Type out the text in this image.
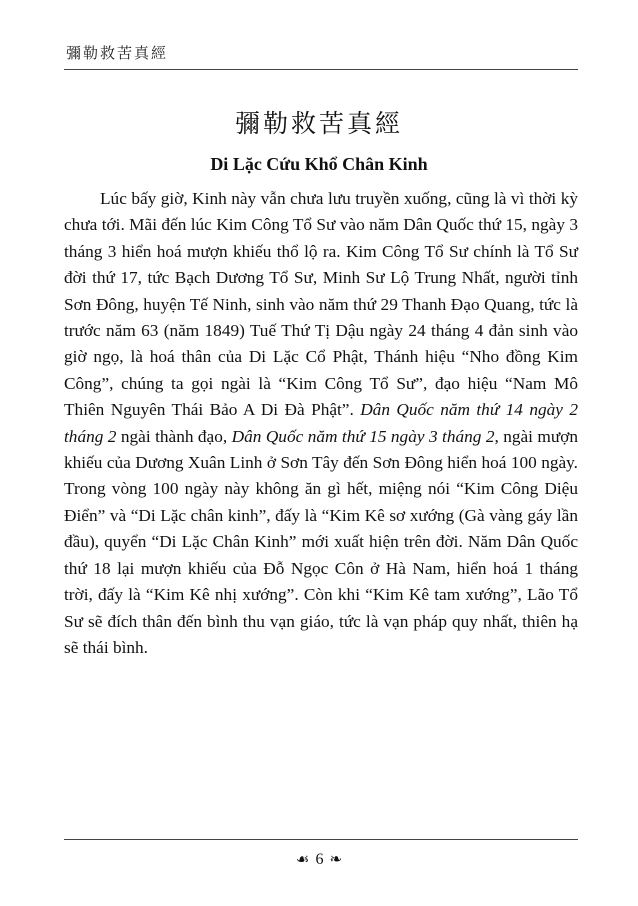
彌勒救苦真經
彌勒救苦真經
Di Lặc Cứu Khổ Chân Kinh

Lúc bấy giờ, Kinh này vẫn chưa lưu truyền xuống, cũng là vì thời kỳ chưa tới. Mãi đến lúc Kim Công Tổ Sư vào năm Dân Quốc thứ 15, ngày 3 tháng 3 hiển hoá mượn khiếu thổ lộ ra. Kim Công Tổ Sư chính là Tổ Sư đời thứ 17, tức Bạch Dương Tổ Sư, Minh Sư Lộ Trung Nhất, người tỉnh Sơn Đông, huyện Tế Ninh, sinh vào năm thứ 29 Thanh Đạo Quang, tức là trước năm 63 (năm 1849) Tuế Thứ Tị Dậu ngày 24 tháng 4 đản sinh vào giờ ngọ, là hoá thân của Di Lặc Cổ Phật, Thánh hiệu “Nho đồng Kim Công”, chúng ta gọi ngài là “Kim Công Tổ Sư”, đạo hiệu “Nam Mô Thiên Nguyên Thái Bảo A Di Đà Phật”. Dân Quốc năm thứ 14 ngày 2 tháng 2 ngài thành đạo, Dân Quốc năm thứ 15 ngày 3 tháng 2, ngài mượn khiếu của Dương Xuân Linh ở Sơn Tây đến Sơn Đông hiển hoá 100 ngày. Trong vòng 100 ngày này không ăn gì hết, miệng nói “Kim Công Diệu Điển” và “Di Lặc chân kinh”, đấy là “Kim Kê sơ xướng (Gà vàng gáy lần đầu), quyển “Di Lặc Chân Kinh” mới xuất hiện trên đời. Năm Dân Quốc thứ 18 lại mượn khiếu của Đỗ Ngọc Côn ở Hà Nam, hiển hoá 1 tháng trời, đấy là “Kim Kê nhị xướng”. Còn khi “Kim Kê tam xướng”, Lão Tổ Sư sẽ đích thân đến bình thu vạn giáo, tức là vạn pháp quy nhất, thiên hạ sẽ thái bình.

☙ 6 ❧
